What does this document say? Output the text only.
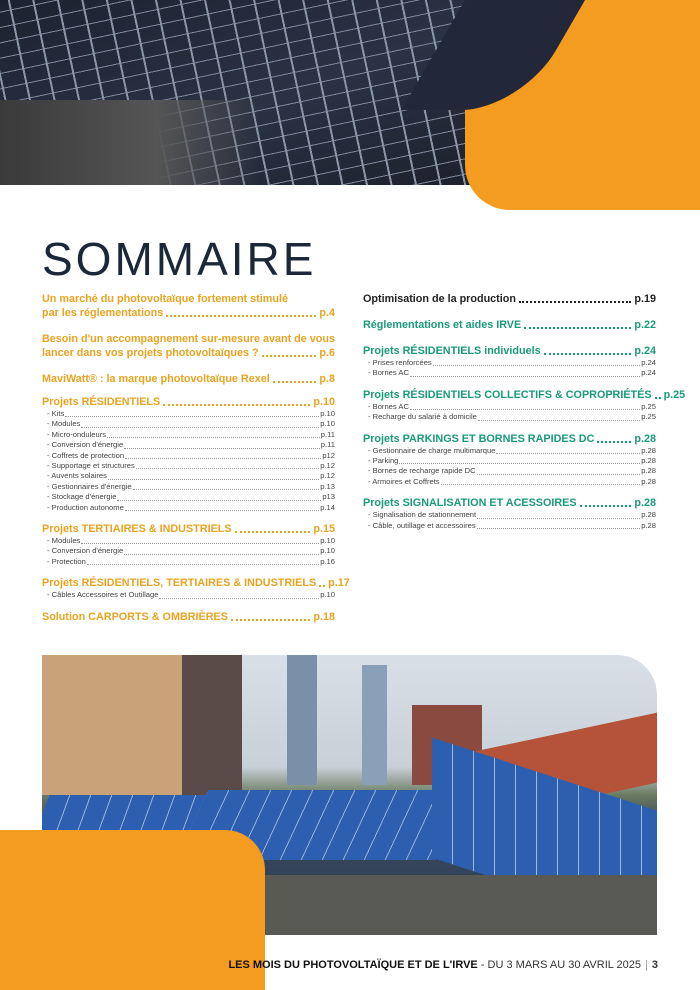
SOMMAIRE
Un marché du photovoltaïque fortement stimulé
par les réglementations	p.4
Besoin d'un accompagnement sur-mesure avant de vous
lancer dans vos projets photovoltaïques ?	p.6
MaviWatt® : la marque photovoltaïque Rexel	p.8
Projets RÉSIDENTIELS	p.10
- Kits	p.10
- Modules	p.10
- Micro-onduleurs	p.11
- Conversion d'énergie	p.11
- Coffrets de protection	p12
- Supportage et structures	p.12
- Auvents solaires	p.12
- Gestionnaires d'énergie	p.13
- Stockage d'énergie	p13
- Production autonome	p.14
Projets TERTIAIRES & INDUSTRIELS	p.15
- Modules	p.10
- Conversion d'énergie	p.10
- Protection	p.16
Projets RÉSIDENTIELS, TERTIAIRES & INDUSTRIELS p.17
- Câbles Accessoires et Outillage	p.10
Solution CARPORTS & OMBRIÈRES	p.18
Optimisation de la production	p.19
Réglementations et aides IRVE	p.22
Projets RÉSIDENTIELS individuels	p.24
- Prises renforcées	p.24
- Bornes AC	p.24
Projets RÉSIDENTIELS COLLECTIFS & COPROPRIÉTÉS p.25
- Bornes AC	p.25
- Recharge du salarié à domicile	p.25
Projets PARKINGS ET BORNES RAPIDES DC	p.28
- Gestionnaire de charge multimarque	p.28
- Parking	p.28
- Bornes de recharge rapide DC	p.28
- Armoires et Coffrets	p.28
Projets SIGNALISATION ET ACESSOIRES	p.28
- Signalisation de stationnement	p.28
- Câble, outillage et accessoires	p.28
LES MOIS DU PHOTOVOLTAÏQUE ET DE L'IRVE - DU 3 MARS AU 30 AVRIL 2025 | 3
